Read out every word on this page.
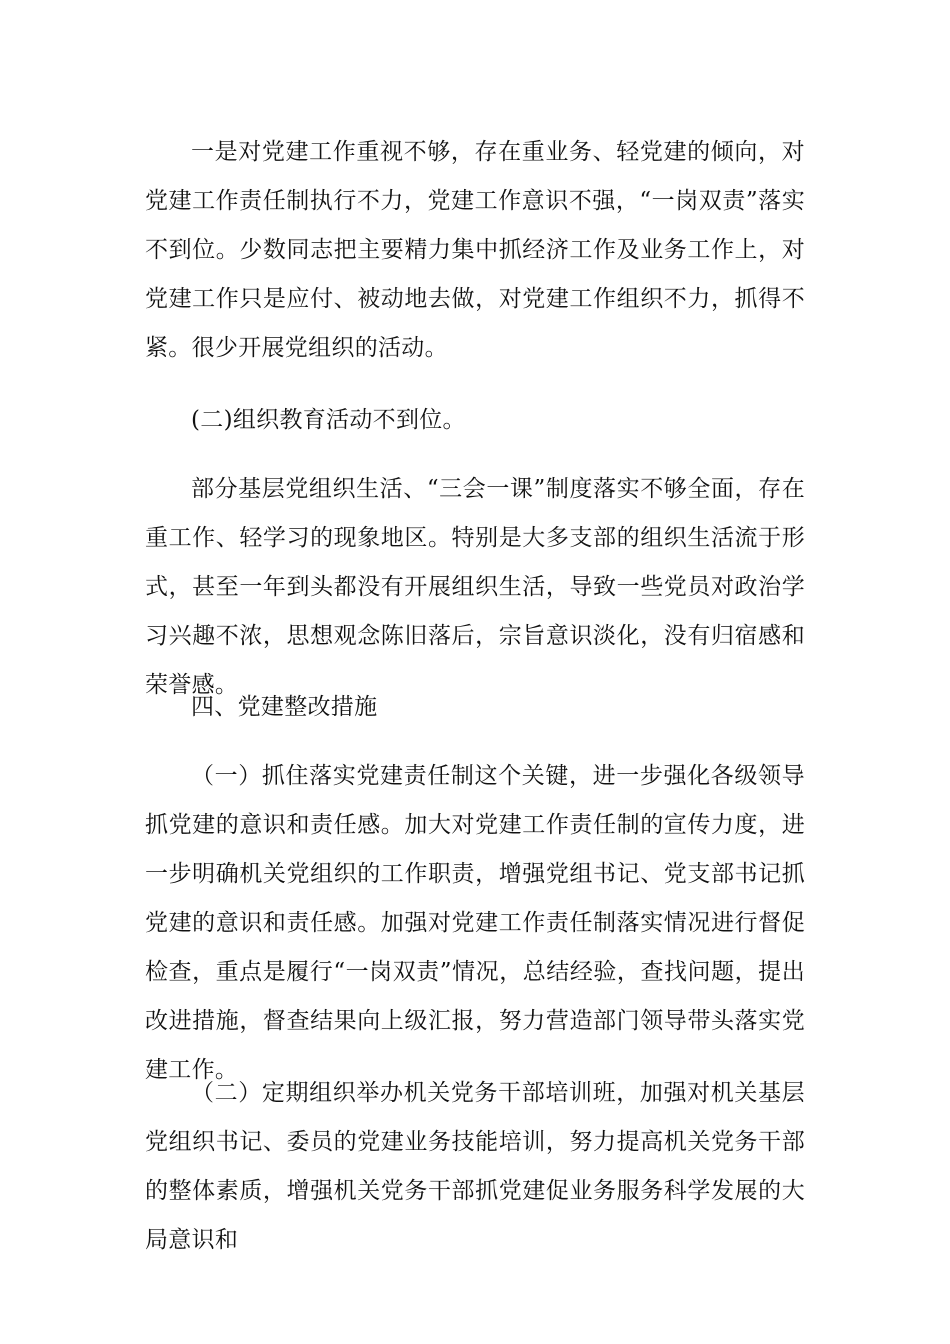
一是对党建工作重视不够，存在重业务、轻党建的倾向，对党建工作责任制执行不力，党建工作意识不强，“一岗双责”落实不到位。少数同志把主要精力集中抓经济工作及业务工作上，对党建工作只是应付、被动地去做，对党建工作组织不力，抓得不紧。很少开展党组织的活动。

(二)组织教育活动不到位。

部分基层党组织生活、“三会一课”制度落实不够全面，存在重工作、轻学习的现象地区。特别是大多支部的组织生活流于形式，甚至一年到头都没有开展组织生活，导致一些党员对政治学习兴趣不浓，思想观念陈旧落后，宗旨意识淡化，没有归宿感和荣誉感。

四、党建整改措施

（一）抓住落实党建责任制这个关键，进一步强化各级领导抓党建的意识和责任感。加大对党建工作责任制的宣传力度，进一步明确机关党组织的工作职责，增强党组书记、党支部书记抓党建的意识和责任感。加强对党建工作责任制落实情况进行督促检查，重点是履行“一岗双责”情况，总结经验，查找问题，提出改进措施，督查结果向上级汇报，努力营造部门领导带头落实党建工作。

（二）定期组织举办机关党务干部培训班，加强对机关基层党组织书记、委员的党建业务技能培训，努力提高机关党务干部的整体素质，增强机关党务干部抓党建促业务服务科学发展的大局意识和
